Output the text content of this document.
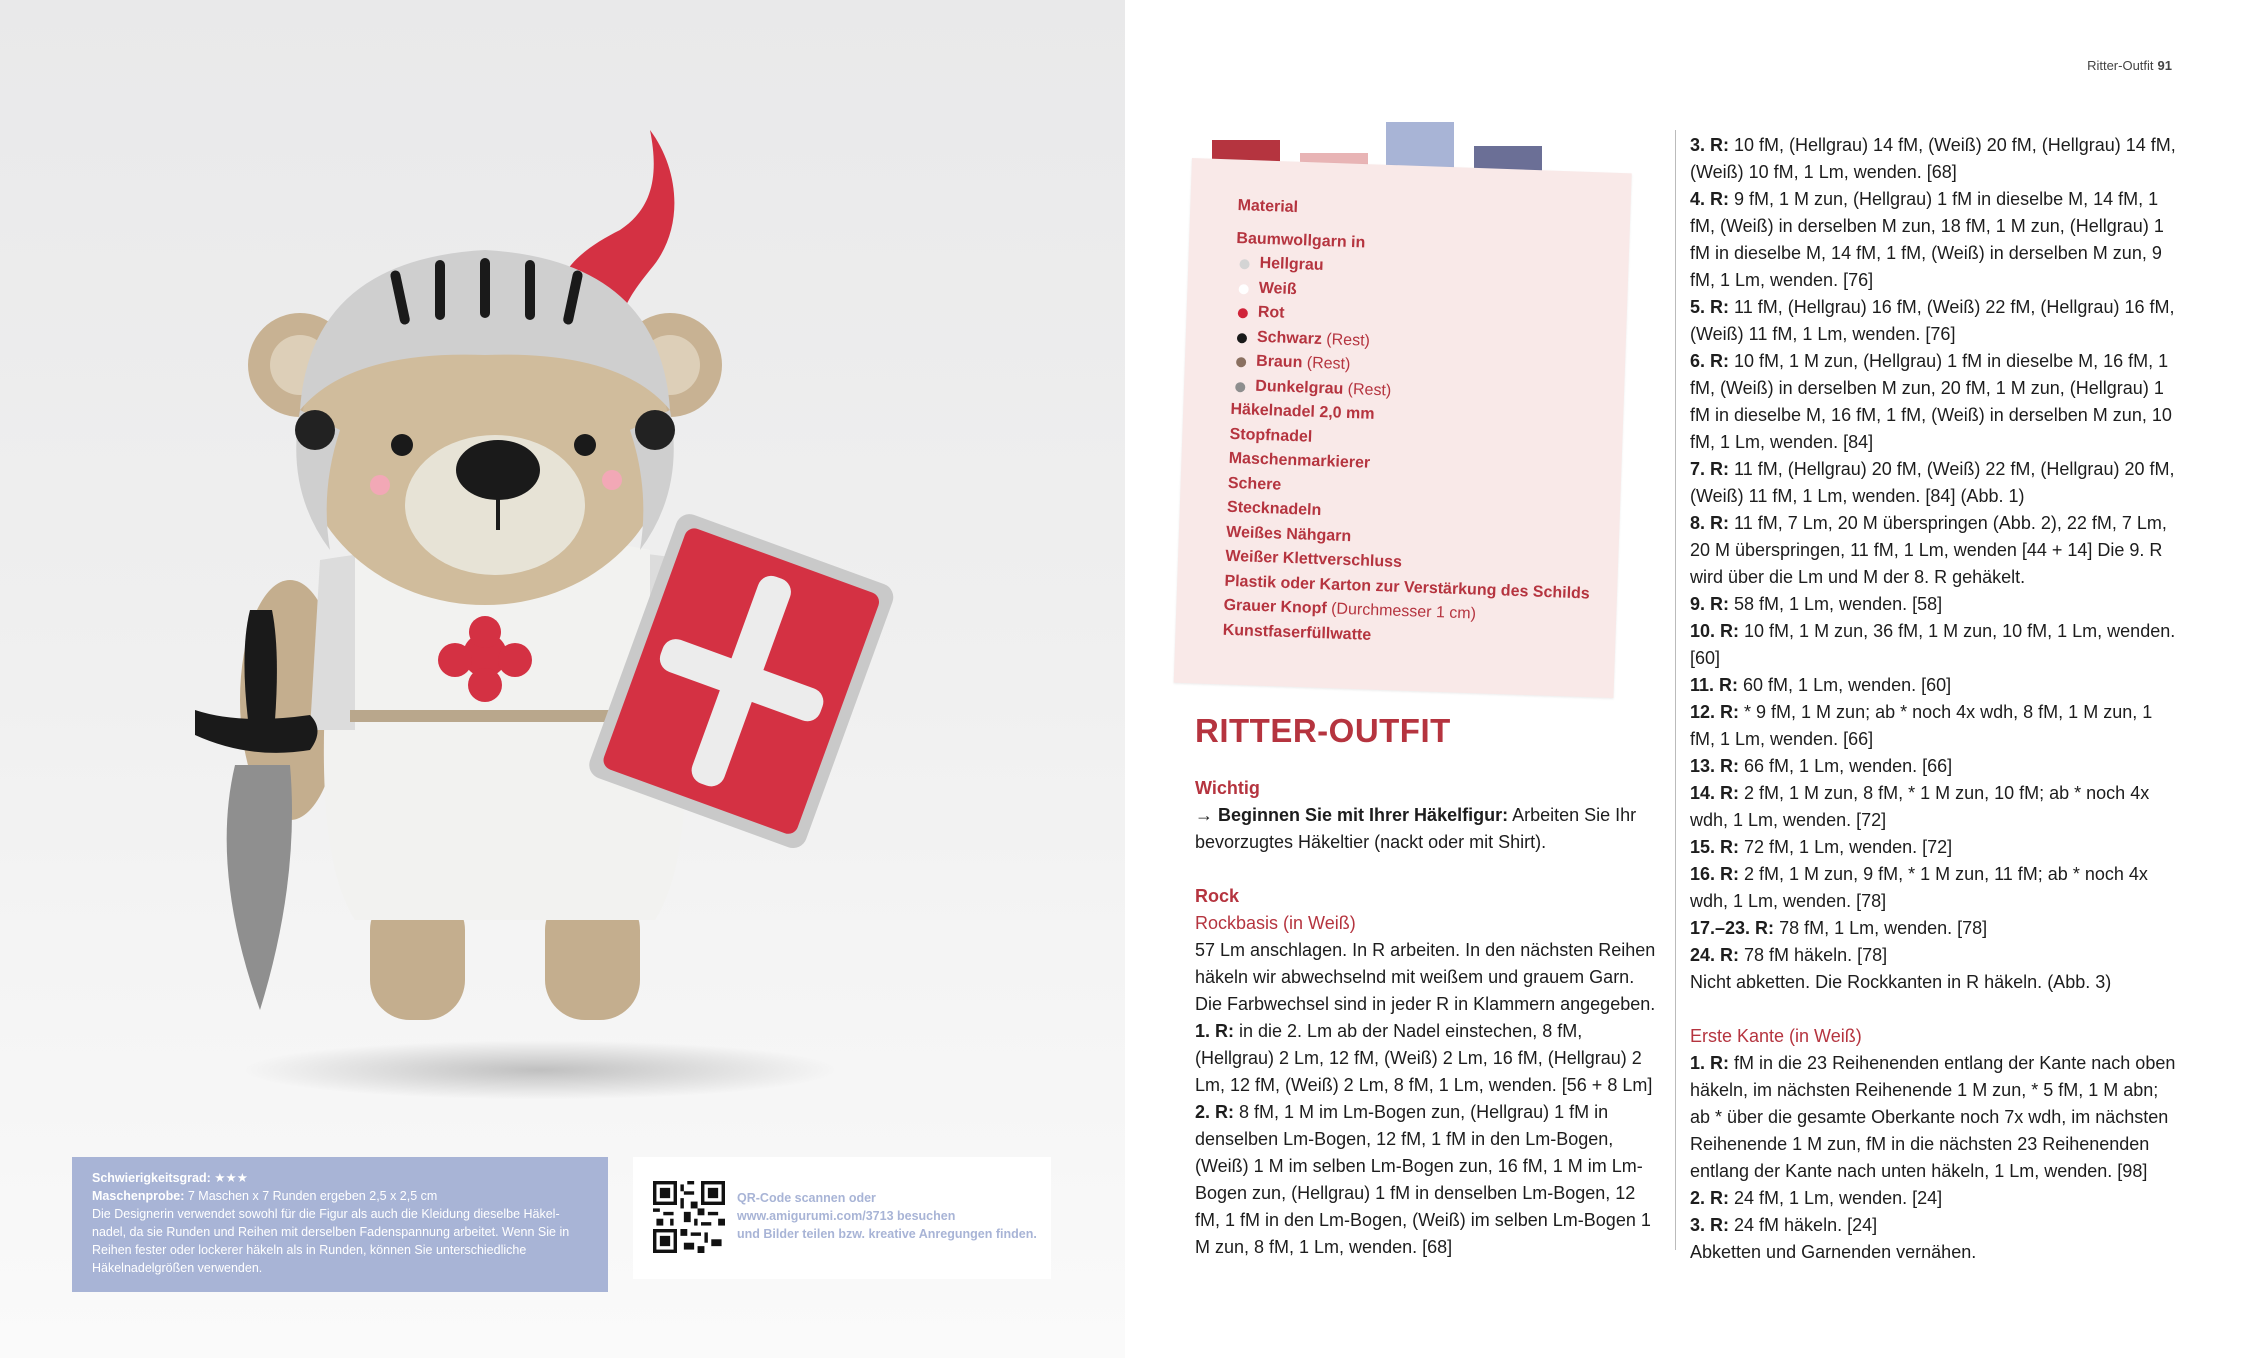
Schwierigkeitsgrad: ★★★
Maschenprobe: 7 Maschen x 7 Runden ergeben 2,5 x 2,5 cm
Die Designerin verwendet sowohl für die Figur als auch die Kleidung dieselbe Häkelnadel, da sie Runden und Reihen mit derselben Fadenspannung arbeitet. Wenn Sie in Reihen fester oder lockerer häkeln als in Runden, können Sie unterschiedliche Häkelnadelgrößen verwenden.
QR-Code scannen oder
www.amigurumi.com/3713 besuchen
und Bilder teilen bzw. kreative Anregungen finden.
Ritter-Outfit 91
Material
Baumwollgarn in
Hellgrau
Weiß
Rot
Schwarz (Rest)
Braun (Rest)
Dunkelgrau (Rest)
Häkelnadel 2,0 mm
Stopfnadel
Maschenmarkierer
Schere
Stecknadeln
Weißes Nähgarn
Weißer Klettverschluss
Plastik oder Karton zur Verstärkung des Schilds
Grauer Knopf (Durchmesser 1 cm)
Kunstfaserfüllwatte
RITTER-OUTFIT
Wichtig
→ Beginnen Sie mit Ihrer Häkelfigur: Arbeiten Sie Ihr bevorzugtes Häkeltier (nackt oder mit Shirt).
Rock
Rockbasis (in Weiß)
57 Lm anschlagen. In R arbeiten. In den nächsten Reihen häkeln wir abwechselnd mit weißem und grauem Garn. Die Farbwechsel sind in jeder R in Klammern angegeben.
1. R: in die 2. Lm ab der Nadel einstechen, 8 fM, (Hellgrau) 2 Lm, 12 fM, (Weiß) 2 Lm, 16 fM, (Hellgrau) 2 Lm, 12 fM, (Weiß) 2 Lm, 8 fM, 1 Lm, wenden. [56 + 8 Lm]
2. R: 8 fM, 1 M im Lm-Bogen zun, (Hellgrau) 1 fM in denselben Lm-Bogen, 12 fM, 1 fM in den Lm-Bogen, (Weiß) 1 M im selben Lm-Bogen zun, 16 fM, 1 M im Lm-Bogen zun, (Hellgrau) 1 fM in denselben Lm-Bogen, 12 fM, 1 fM in den Lm-Bogen, (Weiß) im selben Lm-Bogen 1 M zun, 8 fM, 1 Lm, wenden. [68]
3. R: 10 fM, (Hellgrau) 14 fM, (Weiß) 20 fM, (Hellgrau) 14 fM, (Weiß) 10 fM, 1 Lm, wenden. [68]
4. R: 9 fM, 1 M zun, (Hellgrau) 1 fM in dieselbe M, 14 fM, 1 fM, (Weiß) in derselben M zun, 18 fM, 1 M zun, (Hellgrau) 1 fM in dieselbe M, 14 fM, 1 fM, (Weiß) in derselben M zun, 9 fM, 1 Lm, wenden. [76]
5. R: 11 fM, (Hellgrau) 16 fM, (Weiß) 22 fM, (Hellgrau) 16 fM, (Weiß) 11 fM, 1 Lm, wenden. [76]
6. R: 10 fM, 1 M zun, (Hellgrau) 1 fM in dieselbe M, 16 fM, 1 fM, (Weiß) in derselben M zun, 20 fM, 1 M zun, (Hellgrau) 1 fM in dieselbe M, 16 fM, 1 fM, (Weiß) in derselben M zun, 10 fM, 1 Lm, wenden. [84]
7. R: 11 fM, (Hellgrau) 20 fM, (Weiß) 22 fM, (Hellgrau) 20 fM, (Weiß) 11 fM, 1 Lm, wenden. [84] (Abb. 1)
8. R: 11 fM, 7 Lm, 20 M überspringen (Abb. 2), 22 fM, 7 Lm, 20 M überspringen, 11 fM, 1 Lm, wenden [44 + 14] Die 9. R wird über die Lm und M der 8. R gehäkelt.
9. R: 58 fM, 1 Lm, wenden. [58]
10. R: 10 fM, 1 M zun, 36 fM, 1 M zun, 10 fM, 1 Lm, wenden. [60]
11. R: 60 fM, 1 Lm, wenden. [60]
12. R: * 9 fM, 1 M zun; ab * noch 4x wdh, 8 fM, 1 M zun, 1 fM, 1 Lm, wenden. [66]
13. R: 66 fM, 1 Lm, wenden. [66]
14. R: 2 fM, 1 M zun, 8 fM, * 1 M zun, 10 fM; ab * noch 4x wdh, 1 Lm, wenden. [72]
15. R: 72 fM, 1 Lm, wenden. [72]
16. R: 2 fM, 1 M zun, 9 fM, * 1 M zun, 11 fM; ab * noch 4x wdh, 1 Lm, wenden. [78]
17.–23. R: 78 fM, 1 Lm, wenden. [78]
24. R: 78 fM häkeln. [78]
Nicht abketten. Die Rockkanten in R häkeln. (Abb. 3)
Erste Kante (in Weiß)
1. R: fM in die 23 Reihenenden entlang der Kante nach oben häkeln, im nächsten Reihenende 1 M zun, * 5 fM, 1 M abn; ab * über die gesamte Oberkante noch 7x wdh, im nächsten Reihenende 1 M zun, fM in die nächsten 23 Reihenenden entlang der Kante nach unten häkeln, 1 Lm, wenden. [98]
2. R: 24 fM, 1 Lm, wenden. [24]
3. R: 24 fM häkeln. [24]
Abketten und Garnenden vernähen.
